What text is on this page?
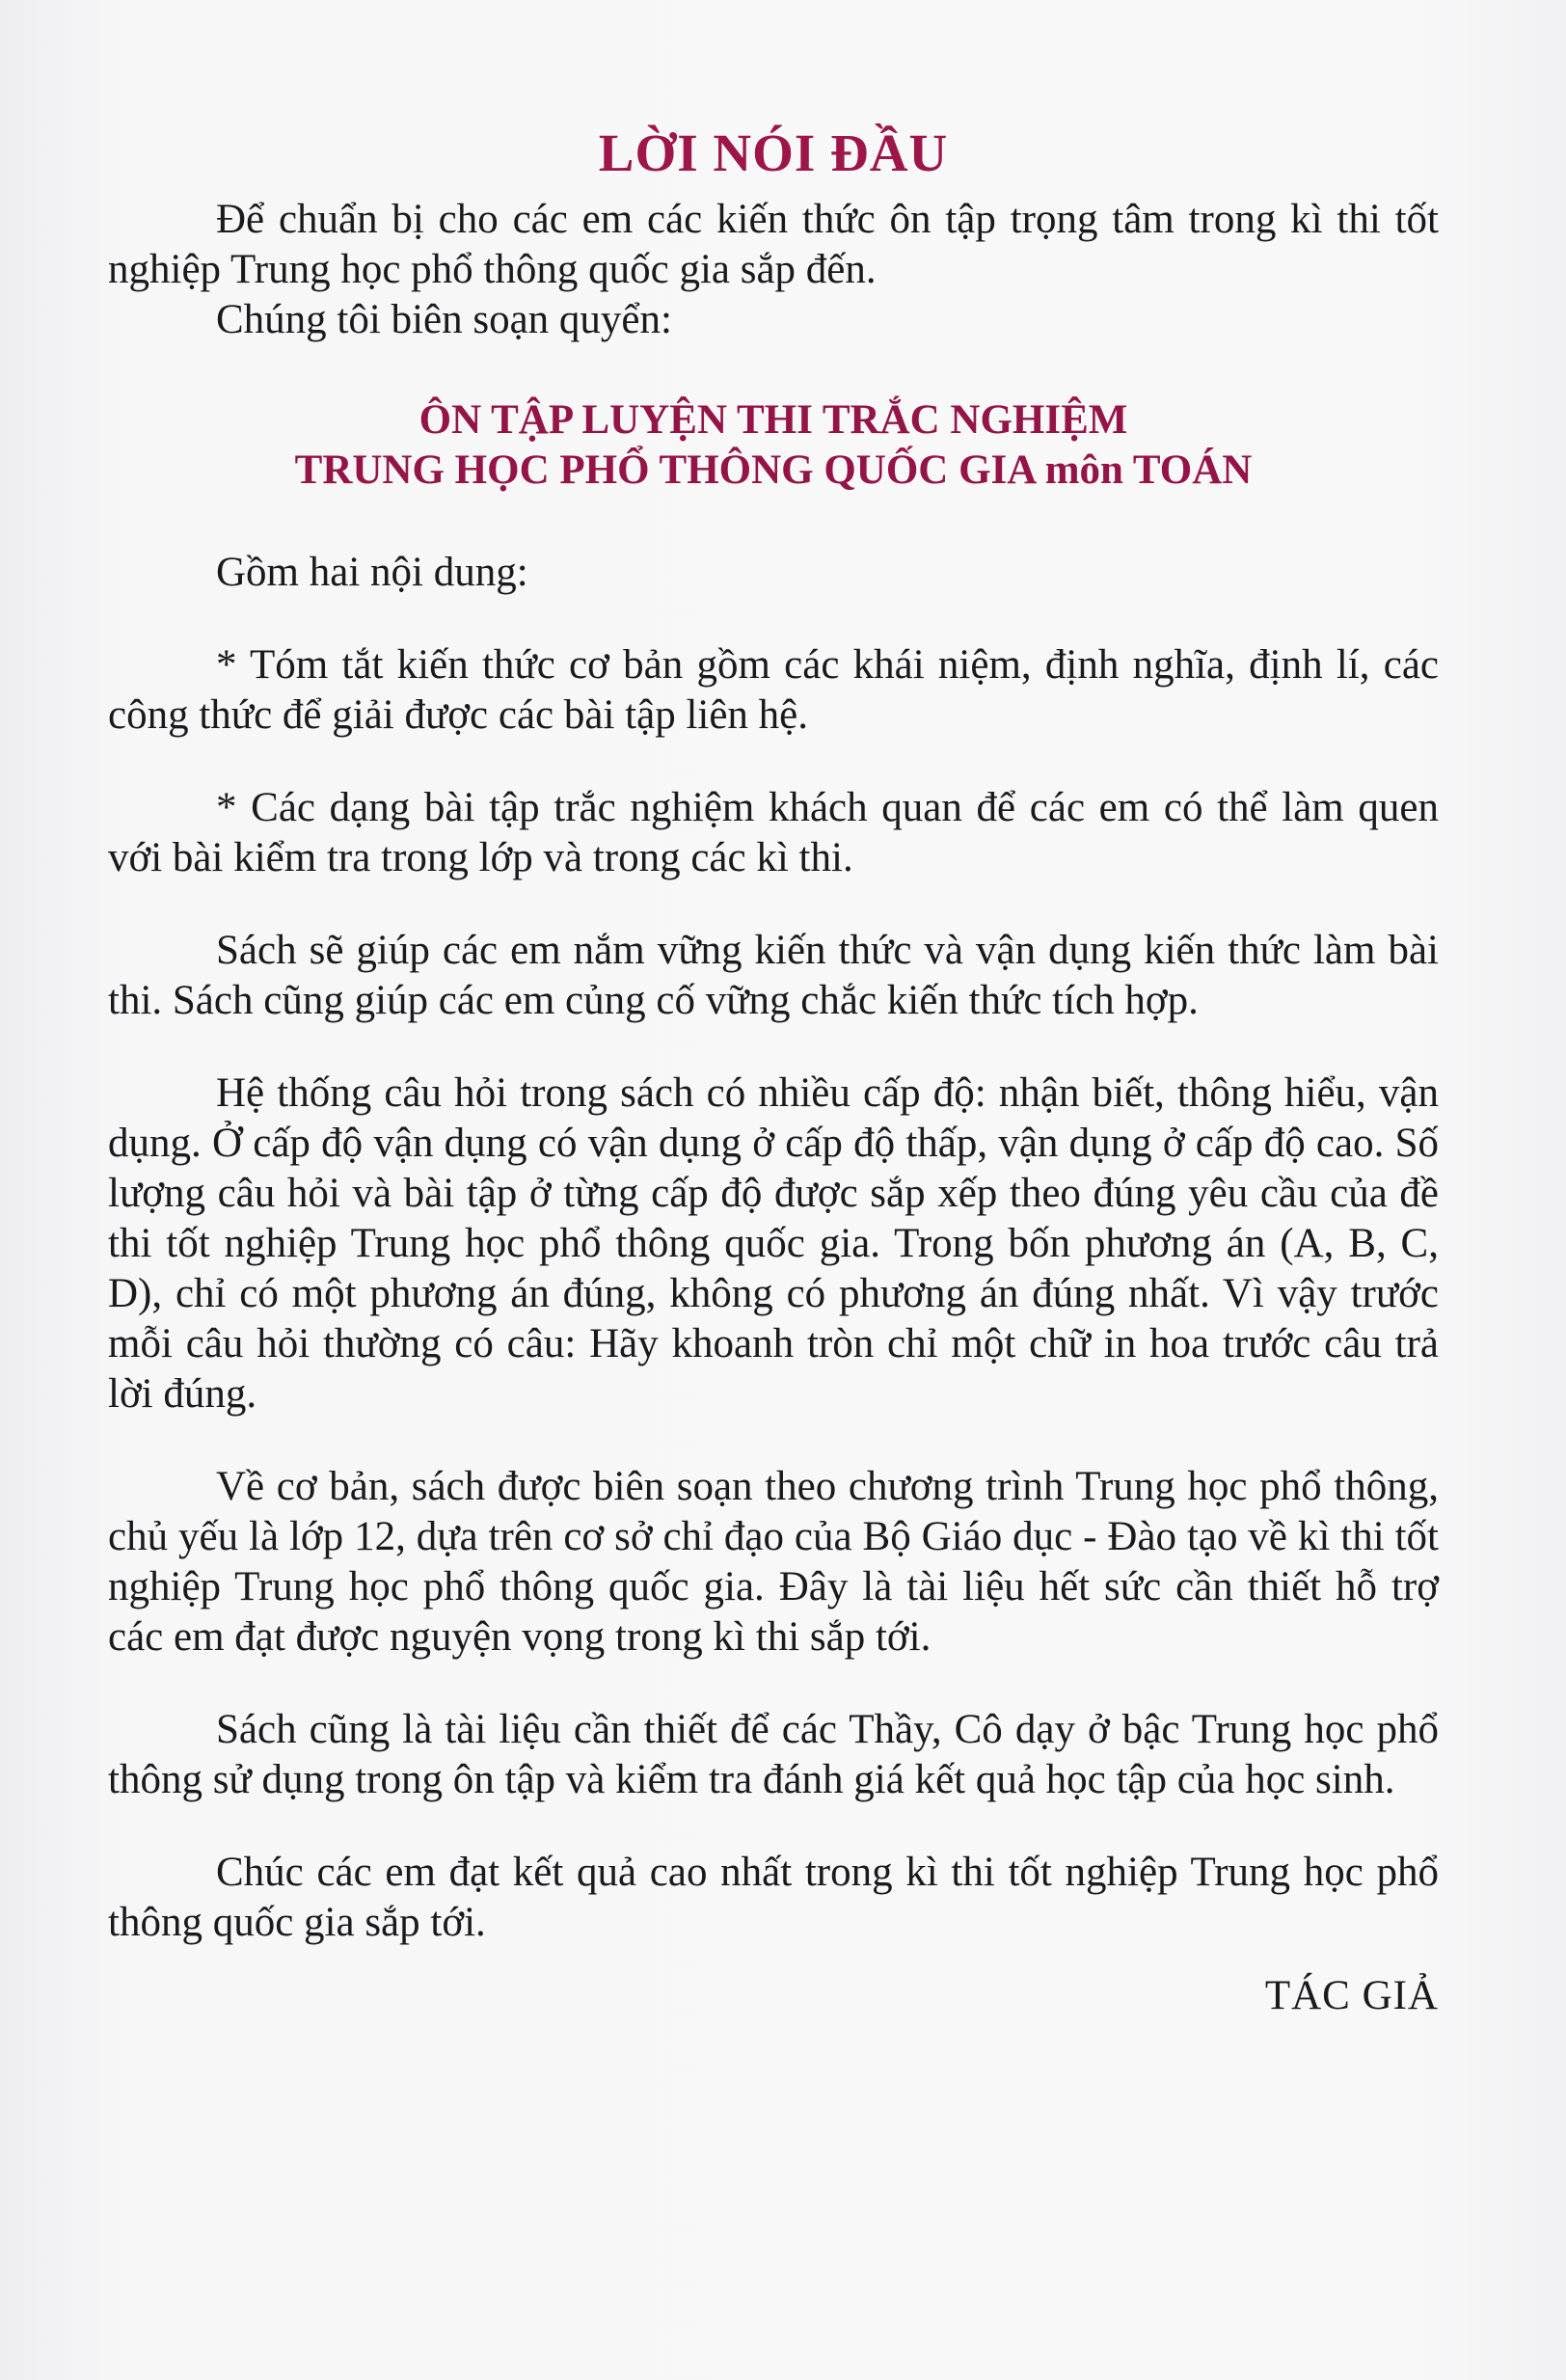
LỜI NÓI ĐẦU

Để chuẩn bị cho các em các kiến thức ôn tập trọng tâm trong kì thi tốt nghiệp Trung học phổ thông quốc gia sắp đến.

Chúng tôi biên soạn quyển:

ÔN TẬP LUYỆN THI TRẮC NGHIỆM
TRUNG HỌC PHỔ THÔNG QUỐC GIA môn TOÁN

Gồm hai nội dung:

* Tóm tắt kiến thức cơ bản gồm các khái niệm, định nghĩa, định lí, các công thức để giải được các bài tập liên hệ.

* Các dạng bài tập trắc nghiệm khách quan để các em có thể làm quen với bài kiểm tra trong lớp và trong các kì thi.

Sách sẽ giúp các em nắm vững kiến thức và vận dụng kiến thức làm bài thi. Sách cũng giúp các em củng cố vững chắc kiến thức tích hợp.

Hệ thống câu hỏi trong sách có nhiều cấp độ: nhận biết, thông hiểu, vận dụng. Ở cấp độ vận dụng có vận dụng ở cấp độ thấp, vận dụng ở cấp độ cao. Số lượng câu hỏi và bài tập ở từng cấp độ được sắp xếp theo đúng yêu cầu của đề thi tốt nghiệp Trung học phổ thông quốc gia. Trong bốn phương án (A, B, C, D), chỉ có một phương án đúng, không có phương án đúng nhất. Vì vậy trước mỗi câu hỏi thường có câu: Hãy khoanh tròn chỉ một chữ in hoa trước câu trả lời đúng.

Về cơ bản, sách được biên soạn theo chương trình Trung học phổ thông, chủ yếu là lớp 12, dựa trên cơ sở chỉ đạo của Bộ Giáo dục - Đào tạo về kì thi tốt nghiệp Trung học phổ thông quốc gia. Đây là tài liệu hết sức cần thiết hỗ trợ các em đạt được nguyện vọng trong kì thi sắp tới.

Sách cũng là tài liệu cần thiết để các Thầy, Cô dạy ở bậc Trung học phổ thông sử dụng trong ôn tập và kiểm tra đánh giá kết quả học tập của học sinh.

Chúc các em đạt kết quả cao nhất trong kì thi tốt nghiệp Trung học phổ thông quốc gia sắp tới.

TÁC GIẢ
